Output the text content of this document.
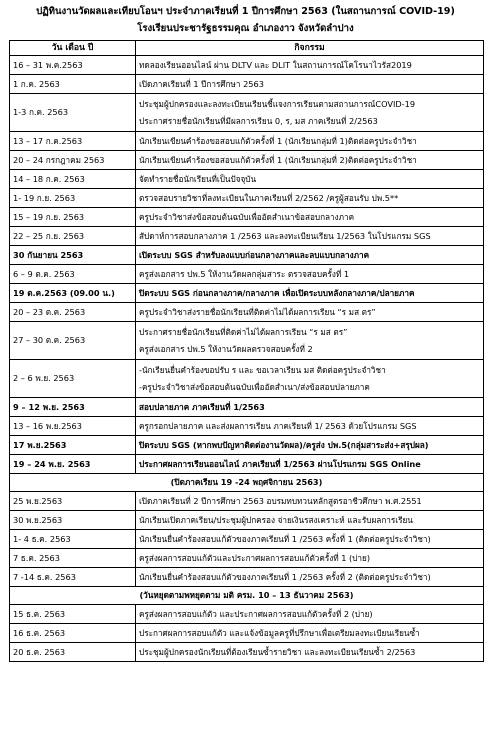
ปฏิทินงานวัดผลและเทียบโอนฯ ประจำภาคเรียนที่ 1 ปีการศึกษา 2563 (ในสถานการณ์ COVID-19)
โรงเรียนประชารัฐธรรมคุณ อำเภองาว จังหวัดลำปาง
วัน เดือน ปี	กิจกรรม
16 – 31 พ.ค.2563	ทดลองเรียนออนไลน์ ผ่าน DLTV และ DLIT ในสถานการณ์โคโรนาไวรัส2019

1 ก.ค. 2563	เปิดภาคเรียนที่ 1 ปีการศึกษา 2563

1-3 ก.ค. 2563	ประชุมผู้ปกครองและลงทะเบียนเรียนชี้แจงการเรียนตามสถานการณ์COVID-19
ประกาศรายชื่อนักเรียนที่มีผลการเรียน 0, ร, มส ภาคเรียนที่ 2/2563

13 – 17 ก.ค.2563	นักเรียนเขียนคำร้องขอสอบแก้ตัวครั้งที่ 1 (นักเรียนกลุ่มที่ 1)ติดต่อครูประจำวิชา

20 – 24 กรกฎาคม 2563	นักเรียนเขียนคำร้องขอสอบแก้ตัวครั้งที่ 1 (นักเรียนกลุ่มที่ 2)ติดต่อครูประจำวิชา

14 – 18 ก.ค. 2563	จัดทำรายชื่อนักเรียนที่เป็นปัจจุบัน

1- 19 ก.ย. 2563	ตรวจสอบรายวิชาที่ลงทะเบียนในภาคเรียนที่ 2/2562 /ครูผู้สอนรับ ปพ.5**

15 – 19 ก.ย. 2563	ครูประจำวิชาส่งข้อสอบต้นฉบับเพื่ออัดสำเนาข้อสอบกลางภาค

22 – 25 ก.ย. 2563	สัปดาห์การสอบกลางภาค 1 /2563 และลงทะเบียนเรียน 1/2563 ในโปรแกรม SGS

30 กันยายน 2563	เปิดระบบ SGS สำหรับลงแบบก่อนกลางภาคและลบแบบกลางภาค

6 – 9 ต.ค. 2563	ครูส่งเอกสาร ปพ.5 ให้งานวัดผลกลุ่มสาระ ตรวจสอบครั้งที่ 1

19 ต.ค.2563 (09.00 น.)	ปิดระบบ SGS ก่อนกลางภาค/กลางภาค เพื่อเปิดระบบหลังกลางภาค/ปลายภาค

20 – 23 ต.ค. 2563	ครูประจำวิชาส่งรายชื่อนักเรียนที่ติดค่าไม่ได้ผลการเรียน “ร มส ตร”

27 – 30 ต.ค. 2563	ประกาศรายชื่อนักเรียนที่ติดค่าไม่ได้ผลการเรียน “ร มส ตร”
ครูส่งเอกสาร ปพ.5 ให้งานวัดผลตรวจสอบครั้งที่ 2

2 – 6 พ.ย. 2563	-นักเรียนยื่นคำร้องขอปรับ ร และ ขอเวลาเรียน มส ติดต่อครูประจำวิชา
-ครูประจำวิชาส่งข้อสอบต้นฉบับเพื่ออัดสำเนา/ส่งข้อสอบปลายภาค

9 – 12 พ.ย. 2563	สอบปลายภาค ภาคเรียนที่ 1/2563

13 – 16 พ.ย.2563	ครูกรอกปลายภาค และส่งผลการเรียน ภาคเรียนที่ 1/ 2563 ด้วยโปรแกรม SGS

17 พ.ย.2563	ปิดระบบ SGS (หากพบปัญหาติดต่องานวัดผล)/ครูส่ง ปพ.5(กลุ่มสาระส่ง+สรุปผล)

19 – 24 พ.ย. 2563	ประกาศผลการเรียนออนไลน์ ภาคเรียนที่ 1/2563 ผ่านโปรแกรม SGS Online

(ปิดภาคเรียน 19 -24 พฤศจิกายน 2563)	
25 พ.ย.2563	เปิดภาคเรียนที่ 2 ปีการศึกษา 2563 อบรมทบทวนหลักสูตรอาชีวศึกษา พ.ศ.2551

30 พ.ย.2563	นักเรียนเปิดภาคเรียน/ประชุมผู้ปกครอง จ่ายเงินรสงเคราะห์ และรับผลการเรียน

1- 4 ธ.ค. 2563	นักเรียนยื่นคำร้องสอบแก้ตัวของภาคเรียนที่ 1 /2563 ครั้งที่ 1 (ติดต่อครูประจำวิชา)

7 ธ.ค. 2563	ครูส่งผลการสอบแก้ตัวและประกาศผลการสอบแก้ตัวครั้งที่ 1 (บ่าย)

7 -14 ธ.ค. 2563	นักเรียนยื่นคำร้องสอบแก้ตัวของภาคเรียนที่ 1 /2563 ครั้งที่ 2 (ติดต่อครูประจำวิชา)

(วันหยุดตามพหยุดตาม มติ ครม. 10 – 13 ธันวาคม 2563)	
15 ธ.ค. 2563	ครูส่งผลการสอบแก้ตัว และประกาศผลการสอบแก้ตัวครั้งที่ 2 (บ่าย)

16 ธ.ค. 2563	ประกาศผลการสอบแก้ตัว และแจ้งข้อมูลครูที่ปรึกษาเพื่อเตรียมลงทะเบียนเรียนซ้ำ

20 ธ.ค. 2563	ประชุมผู้ปกครองนักเรียนที่ต้องเรียนซ้ำรายวิชา และลงทะเบียนเรียนซ้ำ 2/2563
